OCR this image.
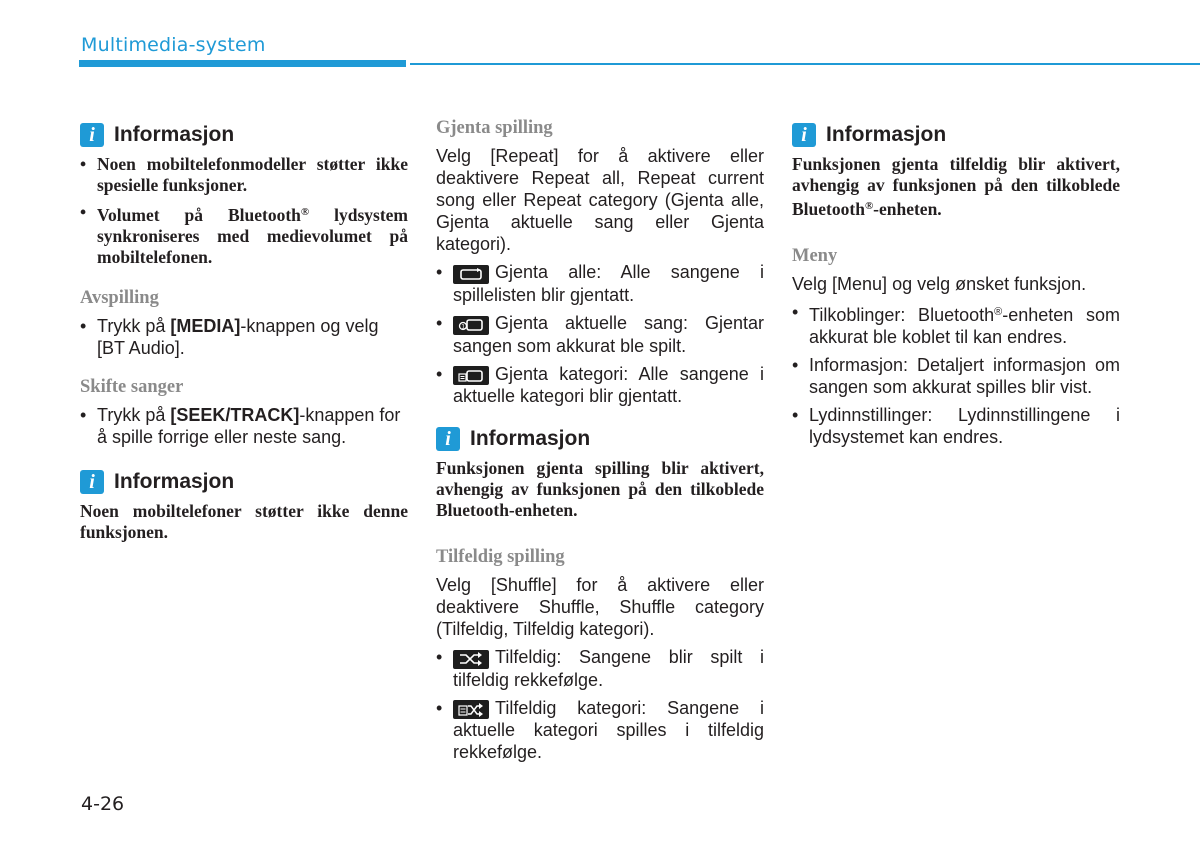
Multimedia-system
i Informasjon
• Noen mobiltelefonmodeller støtter ikke spesielle funksjoner.
• Volumet på Bluetooth® lydsystem synkroniseres med medievolumet på mobiltelefonen.
Avspilling
• Trykk på [MEDIA]-knappen og velg [BT Audio].
Skifte sanger
• Trykk på [SEEK/TRACK]-knappen for å spille forrige eller neste sang.
i Informasjon
Noen mobiltelefoner støtter ikke denne funksjonen.
Gjenta spilling

Velg [Repeat] for å aktivere eller deaktivere Repeat all, Repeat current song eller Repeat category (Gjenta alle, Gjenta aktuelle sang eller Gjenta kategori).

• Gjenta alle: Alle sangene i spillelisten blir gjentatt.
• 1 Gjenta aktuelle sang: Gjentar sangen som akkurat ble spilt.
• Gjenta kategori: Alle sangene i aktuelle kategori blir gjentatt.
i Informasjon
Funksjonen gjenta spilling blir aktivert, avhengig av funksjonen på den tilkoblede Bluetooth-enheten.
Tilfeldig spilling

Velg [Shuffle] for å aktivere eller deaktivere Shuffle, Shuffle category (Tilfeldig, Tilfeldig kategori).

• Tilfeldig: Sangene blir spilt i tilfeldig rekkefølge.
• Tilfeldig kategori: Sangene i aktuelle kategori spilles i tilfeldig rekkefølge.
i Informasjon
Funksjonen gjenta tilfeldig blir aktivert, avhengig av funksjonen på den tilkoblede Bluetooth®-enheten.
Meny

Velg [Menu] og velg ønsket funksjon.

• Tilkoblinger: Bluetooth®-enheten som akkurat ble koblet til kan endres.
• Informasjon: Detaljert informasjon om sangen som akkurat spilles blir vist.
• Lydinnstillinger: Lydinnstillingene i lydsystemet kan endres.
4-26
